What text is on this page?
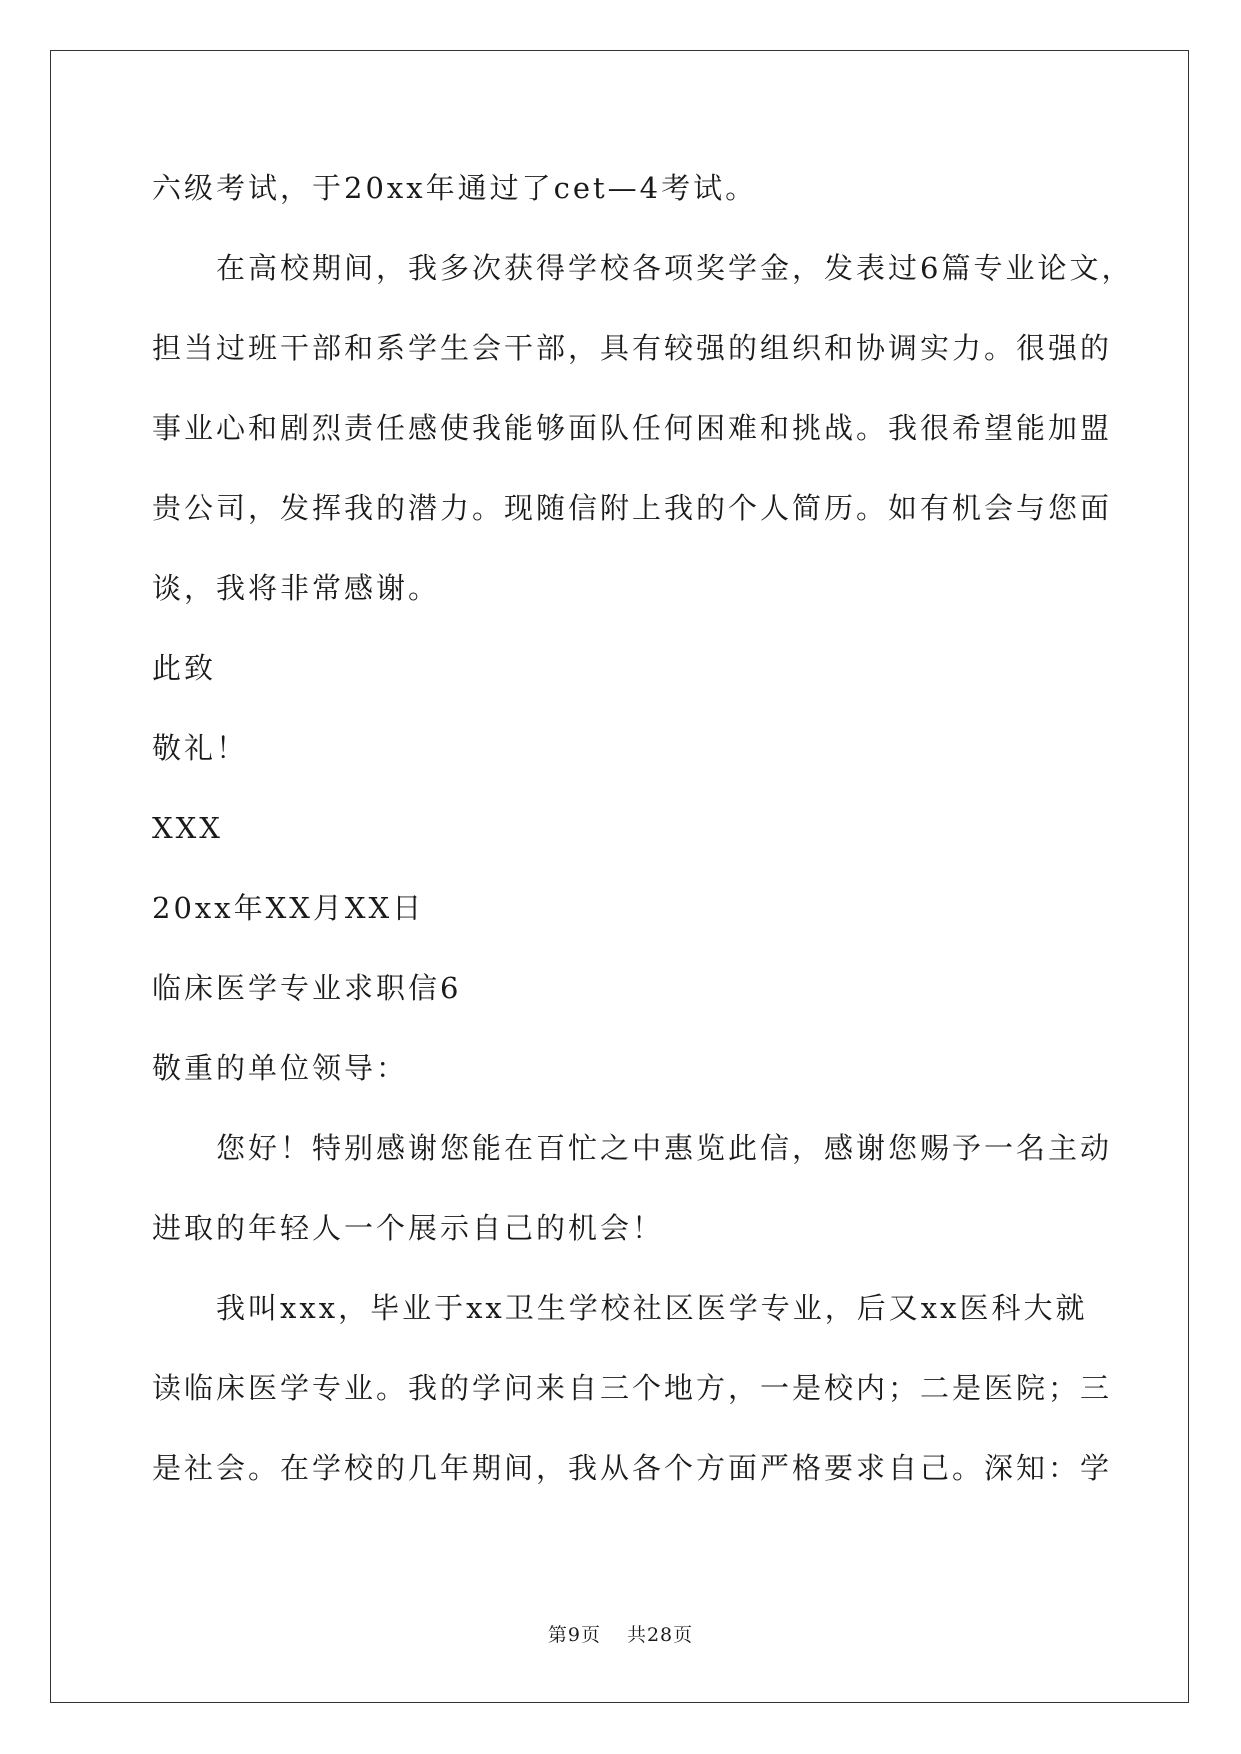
六级考试，于20xx年通过了cet—4考试。
在高校期间，我多次获得学校各项奖学金，发表过6篇专业论文，
担当过班干部和系学生会干部，具有较强的组织和协调实力。很强的
事业心和剧烈责任感使我能够面队任何困难和挑战。我很希望能加盟
贵公司，发挥我的潜力。现随信附上我的个人简历。如有机会与您面
谈，我将非常感谢。
此致
敬礼！
XXX
20xx年XX月XX日
临床医学专业求职信6
敬重的单位领导：
您好！特别感谢您能在百忙之中惠览此信，感谢您赐予一名主动
进取的年轻人一个展示自己的机会！
我叫xxx，毕业于xx卫生学校社区医学专业，后又xx医科大就
读临床医学专业。我的学问来自三个地方，一是校内；二是医院；三
是社会。在学校的几年期间，我从各个方面严格要求自己。深知：学
第9页 共28页
